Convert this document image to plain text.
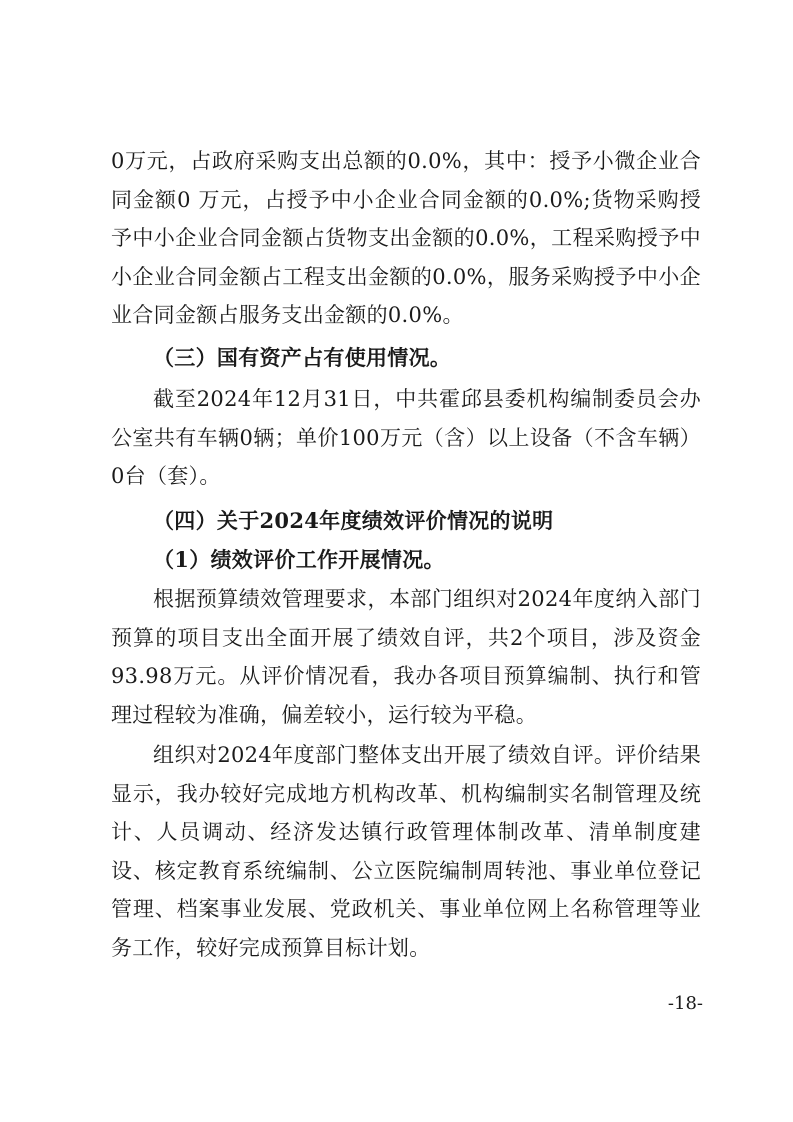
0万元，占政府采购支出总额的0.0%，其中：授予小微企业合同金额0 万元，占授予中小企业合同金额的0.0%;货物采购授予中小企业合同金额占货物支出金额的0.0%，工程采购授予中小企业合同金额占工程支出金额的0.0%，服务采购授予中小企业合同金额占服务支出金额的0.0%。

（三）国有资产占有使用情况。

截至2024年12月31日，中共霍邱县委机构编制委员会办公室共有车辆0辆；单价100万元（含）以上设备（不含车辆）0台（套）。

（四）关于2024年度绩效评价情况的说明

（1）绩效评价工作开展情况。

根据预算绩效管理要求，本部门组织对2024年度纳入部门预算的项目支出全面开展了绩效自评，共2个项目，涉及资金93.98万元。从评价情况看，我办各项目预算编制、执行和管理过程较为准确，偏差较小，运行较为平稳。

组织对2024年度部门整体支出开展了绩效自评。评价结果显示，我办较好完成地方机构改革、机构编制实名制管理及统计、人员调动、经济发达镇行政管理体制改革、清单制度建设、核定教育系统编制、公立医院编制周转池、事业单位登记管理、档案事业发展、党政机关、事业单位网上名称管理等业务工作，较好完成预算目标计划。

-18-
